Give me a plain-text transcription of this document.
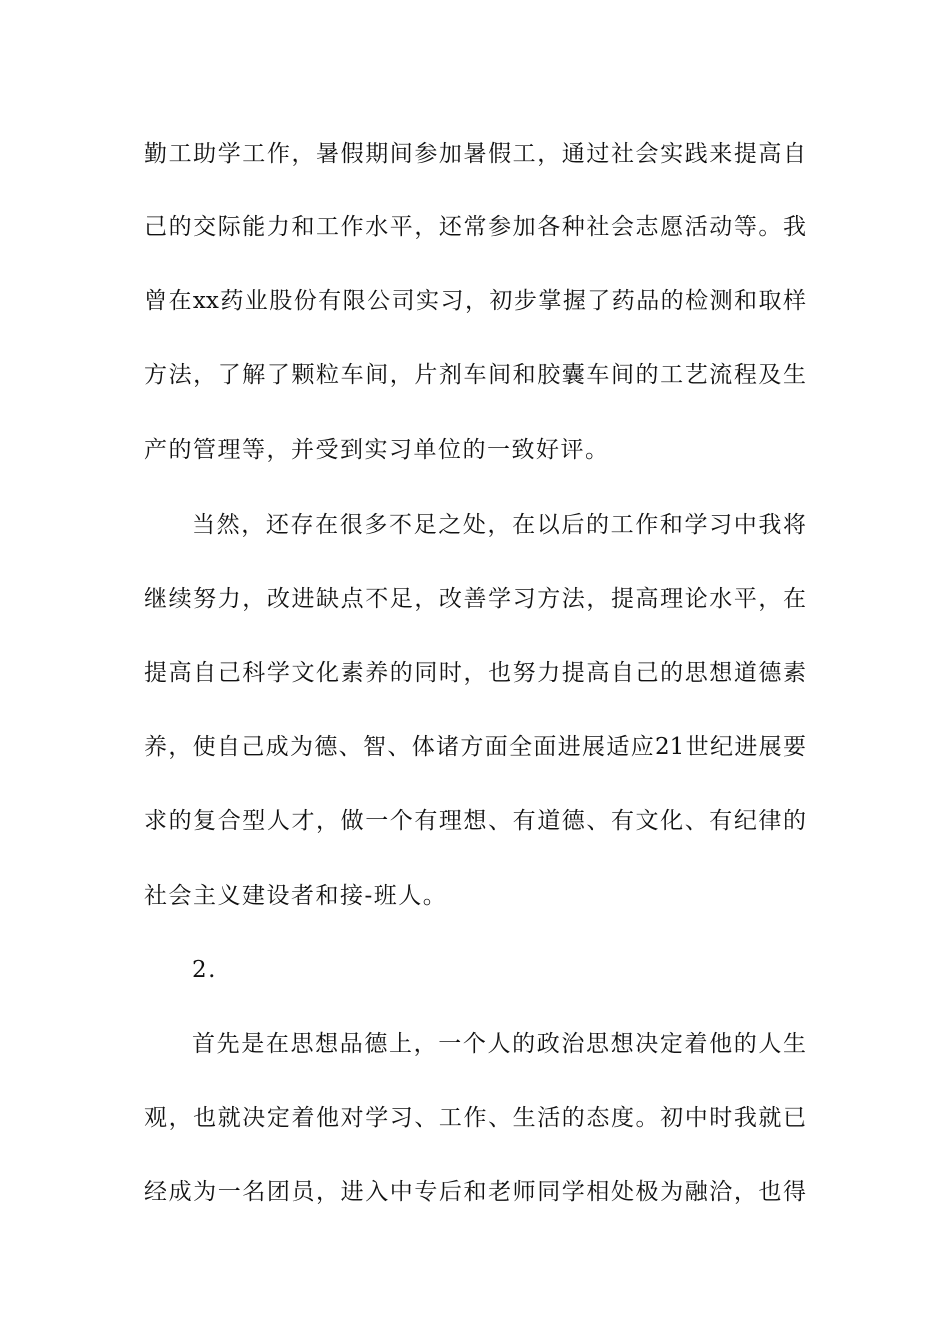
勤工助学工作，暑假期间参加暑假工，通过社会实践来提高自
己的交际能力和工作水平，还常参加各种社会志愿活动等。我
曾在xx药业股份有限公司实习，初步掌握了药品的检测和取样
方法，了解了颗粒车间，片剂车间和胶囊车间的工艺流程及生
产的管理等，并受到实习单位的一致好评。
当然，还存在很多不足之处，在以后的工作和学习中我将
继续努力，改进缺点不足，改善学习方法，提高理论水平，在
提高自己科学文化素养的同时，也努力提高自己的思想道德素
养，使自己成为德、智、体诸方面全面进展适应21世纪进展要
求的复合型人才，做一个有理想、有道德、有文化、有纪律的
社会主义建设者和接-班人。
2.
首先是在思想品德上，一个人的政治思想决定着他的人生
观，也就决定着他对学习、工作、生活的态度。初中时我就已
经成为一名团员，进入中专后和老师同学相处极为融洽，也得
